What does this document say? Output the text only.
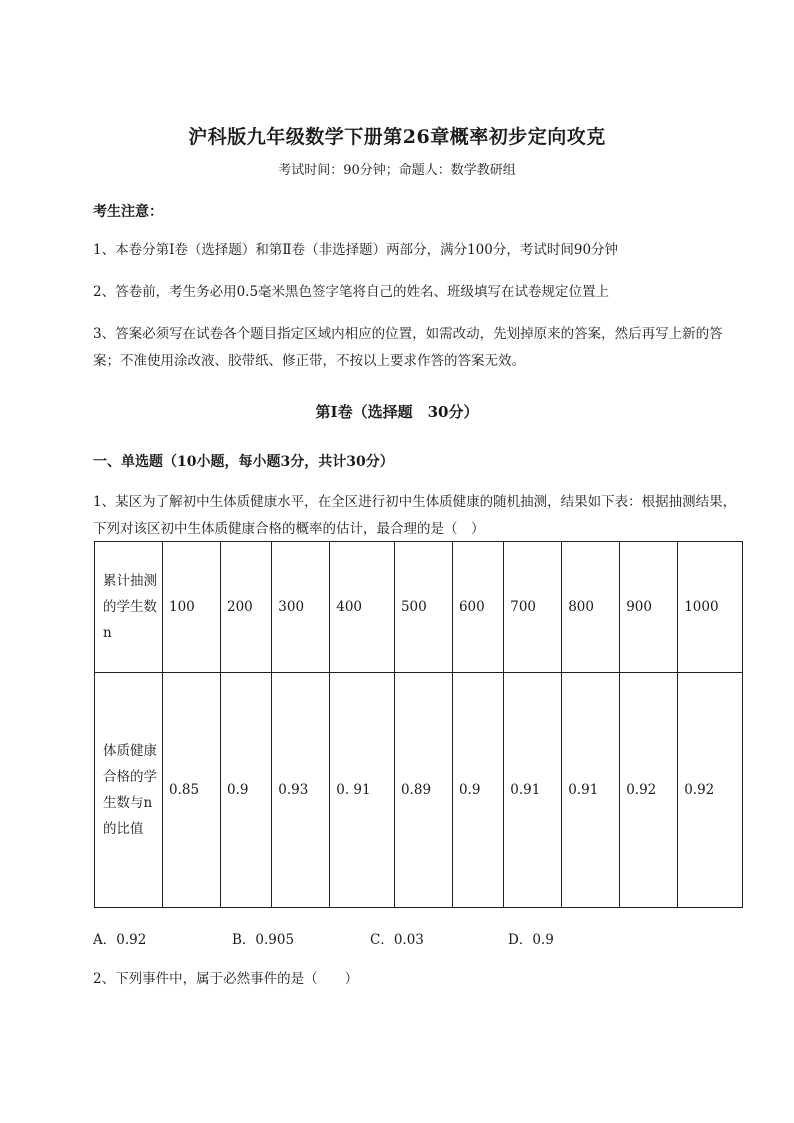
沪科版九年级数学下册第26章概率初步定向攻克
考试时间：90分钟；命题人：数学教研组
考生注意：
1、本卷分第Ⅰ卷（选择题）和第Ⅱ卷（非选择题）两部分，满分100分，考试时间90分钟
2、答卷前，考生务必用0.5毫米黑色签字笔将自己的姓名、班级填写在试卷规定位置上
3、答案必须写在试卷各个题目指定区域内相应的位置，如需改动，先划掉原来的答案，然后再写上新的答案；不准使用涂改液、胶带纸、修正带，不按以上要求作答的答案无效。
第Ⅰ卷（选择题　30分）
一、单选题（10小题，每小题3分，共计30分）
1、某区为了解初中生体质健康水平，在全区进行初中生体质健康的随机抽测，结果如下表：根据抽测结果，下列对该区初中生体质健康合格的概率的估计，最合理的是（　）
累计抽测的学生数n	100	200	300	400	500	600	700	800	900	1000
体质健康合格的学生数与n的比值	0.85	0.9	0.93	0. 91	0.89	0.9	0.91	0.91	0.92	0.92
A．0.92	B．0.905	C．0.03	D．0.9
2、下列事件中，属于必然事件的是（　　）
